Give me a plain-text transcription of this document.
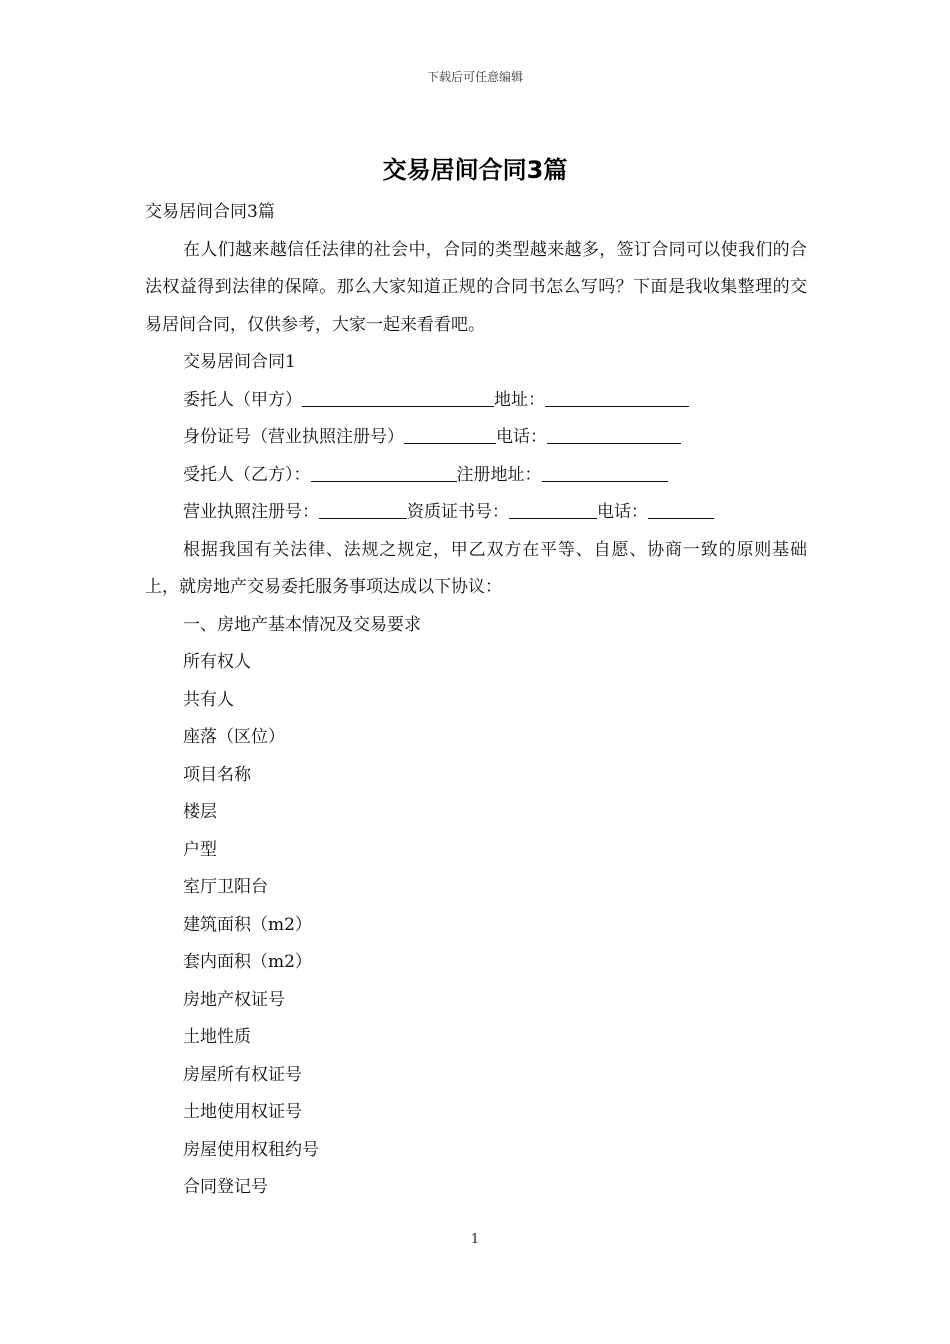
下载后可任意编辑
交易居间合同3篇

交易居间合同3篇

在人们越来越信任法律的社会中，合同的类型越来越多，签订合同可以使我们的合法权益得到法律的保障。那么大家知道正规的合同书怎么写吗？下面是我收集整理的交易居间合同，仅供参考，大家一起来看看吧。

交易居间合同1

委托人（甲方）	地址：

身份证号（营业执照注册号）	电话：

受托人（乙方）：	注册地址：

营业执照注册号：	资质证书号：	电话：

根据我国有关法律、法规之规定，甲乙双方在平等、自愿、协商一致的原则基础上，就房地产交易委托服务事项达成以下协议：

一、房地产基本情况及交易要求

所有权人

共有人

座落（区位）

项目名称

楼层

户型

室厅卫阳台

建筑面积（m2）

套内面积（m2）

房地产权证号

土地性质

房屋所有权证号

土地使用权证号

房屋使用权租约号

合同登记号

1
